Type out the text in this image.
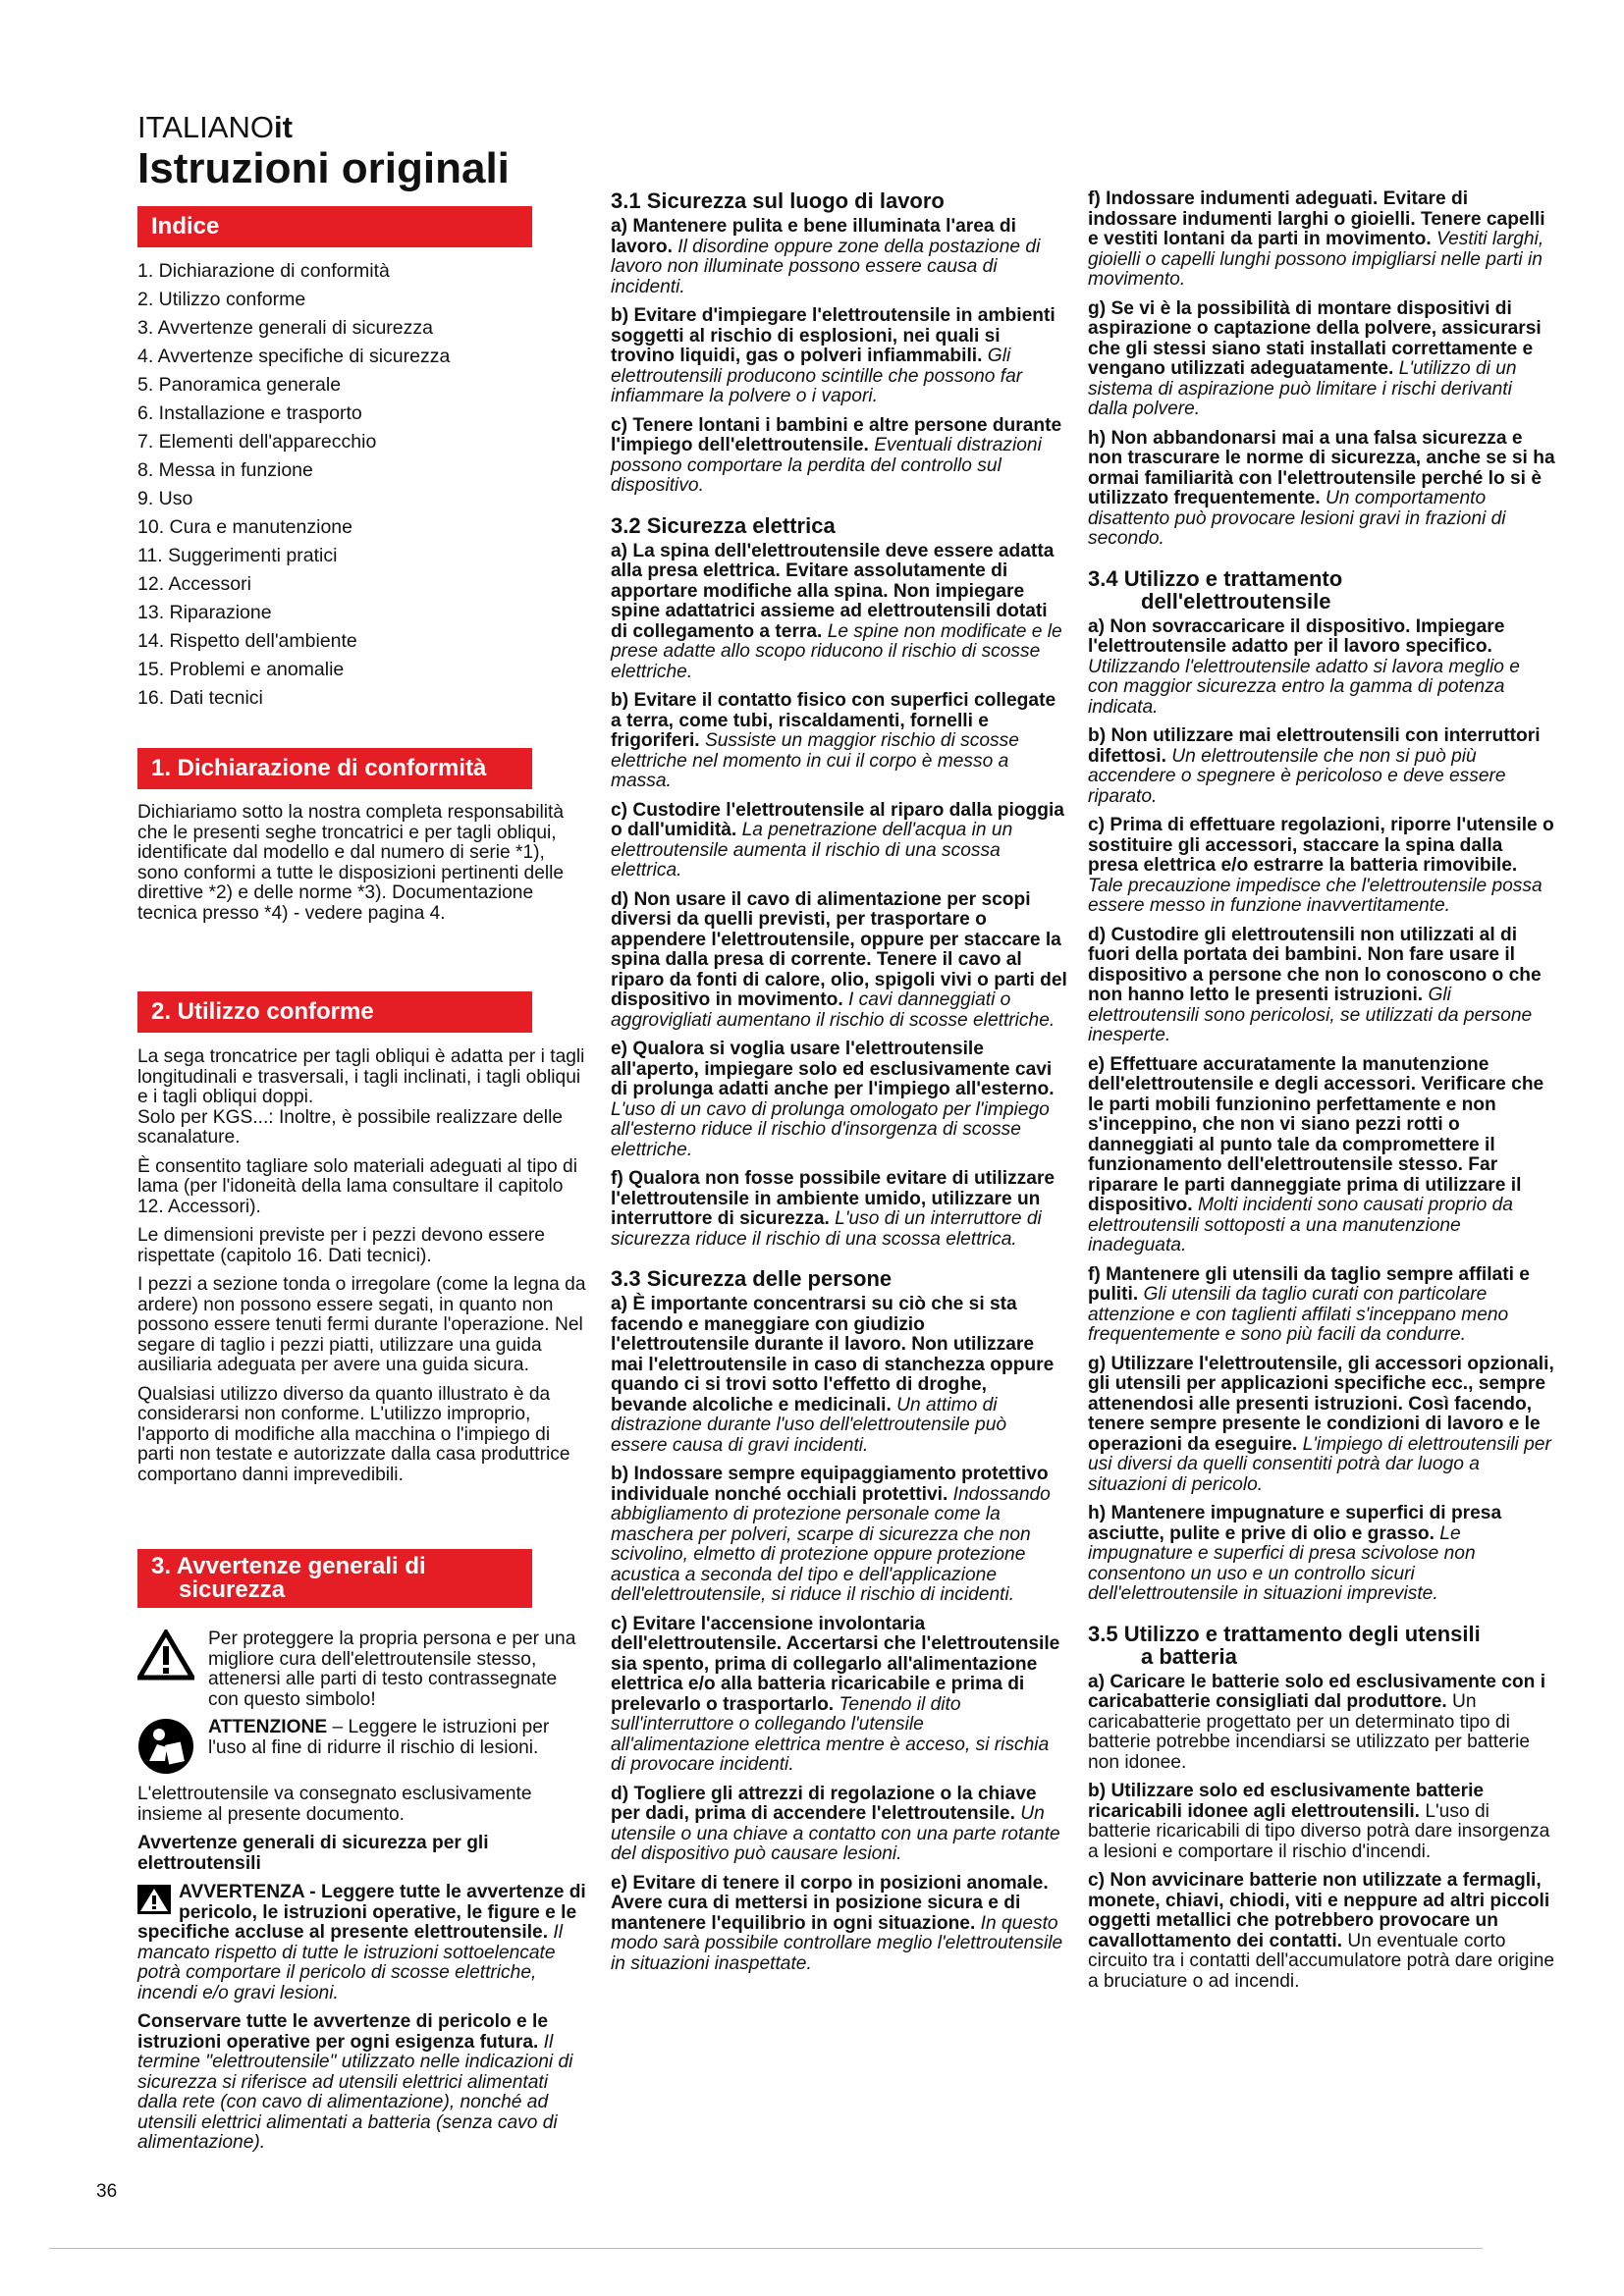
ITALIANOit
Istruzioni originali
Indice
1. Dichiarazione di conformità
2. Utilizzo conforme
3. Avvertenze generali di sicurezza
4. Avvertenze specifiche di sicurezza
5. Panoramica generale
6. Installazione e trasporto
7. Elementi dell'apparecchio
8. Messa in funzione
9. Uso
10. Cura e manutenzione
11. Suggerimenti pratici
12. Accessori
13. Riparazione
14. Rispetto dell'ambiente
15. Problemi e anomalie
16. Dati tecnici
1. Dichiarazione di conformità

Dichiariamo sotto la nostra completa responsabilità che le presenti seghe troncatrici e per tagli obliqui, identificate dal modello e dal numero di serie *1), sono conformi a tutte le disposizioni pertinenti delle direttive *2) e delle norme *3). Documentazione tecnica presso *4) - vedere pagina 4.

2. Utilizzo conforme

La sega troncatrice per tagli obliqui è adatta per i tagli longitudinali e trasversali, i tagli inclinati, i tagli obliqui e i tagli obliqui doppi.

Solo per KGS...: Inoltre, è possibile realizzare delle scanalature.

È consentito tagliare solo materiali adeguati al tipo di lama (per l'idoneità della lama consultare il capitolo 12. Accessori).

Le dimensioni previste per i pezzi devono essere rispettate (capitolo 16. Dati tecnici).

I pezzi a sezione tonda o irregolare (come la legna da ardere) non possono essere segati, in quanto non possono essere tenuti fermi durante l'operazione. Nel segare di taglio i pezzi piatti, utilizzare una guida ausiliaria adeguata per avere una guida sicura.

Qualsiasi utilizzo diverso da quanto illustrato è da considerarsi non conforme. L'utilizzo improprio, l'apporto di modifiche alla macchina o l'impiego di parti non testate e autorizzate dalla casa produttrice comportano danni imprevedibili.

3. Avvertenze generali di
sicurezza

Per proteggere la propria persona e per una migliore cura dell'elettroutensile stesso, attenersi alle parti di testo contrassegnate con questo simbolo!

ATTENZIONE – Leggere le istruzioni per l'uso al fine di ridurre il rischio di lesioni.

L'elettroutensile va consegnato esclusivamente insieme al presente documento.

Avvertenze generali di sicurezza per gli elettroutensili

AVVERTENZA - Leggere tutte le avvertenze di pericolo, le istruzioni operative, le figure e le specifiche accluse al presente elettroutensile. Il mancato rispetto di tutte le istruzioni sottoelencate potrà comportare il pericolo di scosse elettriche, incendi e/o gravi lesioni.

Conservare tutte le avvertenze di pericolo e le istruzioni operative per ogni esigenza futura. Il termine "elettroutensile" utilizzato nelle indicazioni di sicurezza si riferisce ad utensili elettrici alimentati dalla rete (con cavo di alimentazione), nonché ad utensili elettrici alimentati a batteria (senza cavo di alimentazione).

3.1 Sicurezza sul luogo di lavoro

a) Mantenere pulita e bene illuminata l'area di lavoro. Il disordine oppure zone della postazione di lavoro non illuminate possono essere causa di incidenti.

b) Evitare d'impiegare l'elettroutensile in ambienti soggetti al rischio di esplosioni, nei quali si trovino liquidi, gas o polveri infiammabili. Gli elettroutensili producono scintille che possono far infiammare la polvere o i vapori.

c) Tenere lontani i bambini e altre persone durante l'impiego dell'elettroutensile. Eventuali distrazioni possono comportare la perdita del controllo sul dispositivo.

3.2 Sicurezza elettrica

a) La spina dell'elettroutensile deve essere adatta alla presa elettrica. Evitare assolutamente di apportare modifiche alla spina. Non impiegare spine adattatrici assieme ad elettroutensili dotati di collegamento a terra. Le spine non modificate e le prese adatte allo scopo riducono il rischio di scosse elettriche.

b) Evitare il contatto fisico con superfici collegate a terra, come tubi, riscaldamenti, fornelli e frigoriferi. Sussiste un maggior rischio di scosse elettriche nel momento in cui il corpo è messo a massa.

c) Custodire l'elettroutensile al riparo dalla pioggia o dall'umidità. La penetrazione dell'acqua in un elettroutensile aumenta il rischio di una scossa elettrica.

d) Non usare il cavo di alimentazione per scopi diversi da quelli previsti, per trasportare o appendere l'elettroutensile, oppure per staccare la spina dalla presa di corrente. Tenere il cavo al riparo da fonti di calore, olio, spigoli vivi o parti del dispositivo in movimento. I cavi danneggiati o aggrovigliati aumentano il rischio di scosse elettriche.

e) Qualora si voglia usare l'elettroutensile all'aperto, impiegare solo ed esclusivamente cavi di prolunga adatti anche per l'impiego all'esterno. L'uso di un cavo di prolunga omologato per l'impiego all'esterno riduce il rischio d'insorgenza di scosse elettriche.

f) Qualora non fosse possibile evitare di utilizzare l'elettroutensile in ambiente umido, utilizzare un interruttore di sicurezza. L'uso di un interruttore di sicurezza riduce il rischio di una scossa elettrica.

3.3 Sicurezza delle persone

a) È importante concentrarsi su ciò che si sta facendo e maneggiare con giudizio l'elettroutensile durante il lavoro. Non utilizzare mai l'elettroutensile in caso di stanchezza oppure quando ci si trovi sotto l'effetto di droghe, bevande alcoliche e medicinali. Un attimo di distrazione durante l'uso dell'elettroutensile può essere causa di gravi incidenti.

b) Indossare sempre equipaggiamento protettivo individuale nonché occhiali protettivi. Indossando abbigliamento di protezione personale come la maschera per polveri, scarpe di sicurezza che non scivolino, elmetto di protezione oppure protezione acustica a seconda del tipo e dell'applicazione dell'elettroutensile, si riduce il rischio di incidenti.

c) Evitare l'accensione involontaria dell'elettroutensile. Accertarsi che l'elettroutensile sia spento, prima di collegarlo all'alimentazione elettrica e/o alla batteria ricaricabile e prima di prelevarlo o trasportarlo. Tenendo il dito sull'interruttore o collegando l'utensile all'alimentazione elettrica mentre è acceso, si rischia di provocare incidenti.

d) Togliere gli attrezzi di regolazione o la chiave per dadi, prima di accendere l'elettroutensile. Un utensile o una chiave a contatto con una parte rotante del dispositivo può causare lesioni.

e) Evitare di tenere il corpo in posizioni anomale. Avere cura di mettersi in posizione sicura e di mantenere l'equilibrio in ogni situazione. In questo modo sarà possibile controllare meglio l'elettroutensile in situazioni inaspettate.

f) Indossare indumenti adeguati. Evitare di indossare indumenti larghi o gioielli. Tenere capelli e vestiti lontani da parti in movimento. Vestiti larghi, gioielli o capelli lunghi possono impigliarsi nelle parti in movimento.

g) Se vi è la possibilità di montare dispositivi di aspirazione o captazione della polvere, assicurarsi che gli stessi siano stati installati correttamente e vengano utilizzati adeguatamente. L'utilizzo di un sistema di aspirazione può limitare i rischi derivanti dalla polvere.

h) Non abbandonarsi mai a una falsa sicurezza e non trascurare le norme di sicurezza, anche se si ha ormai familiarità con l'elettroutensile perché lo si è utilizzato frequentemente. Un comportamento disattento può provocare lesioni gravi in frazioni di secondo.

3.4 Utilizzo e trattamento
dell'elettroutensile

a) Non sovraccaricare il dispositivo. Impiegare l'elettroutensile adatto per il lavoro specifico. Utilizzando l'elettroutensile adatto si lavora meglio e con maggior sicurezza entro la gamma di potenza indicata.

b) Non utilizzare mai elettroutensili con interruttori difettosi. Un elettroutensile che non si può più accendere o spegnere è pericoloso e deve essere riparato.

c) Prima di effettuare regolazioni, riporre l'utensile o sostituire gli accessori, staccare la spina dalla presa elettrica e/o estrarre la batteria rimovibile. Tale precauzione impedisce che l'elettroutensile possa essere messo in funzione inavvertitamente.

d) Custodire gli elettroutensili non utilizzati al di fuori della portata dei bambini. Non fare usare il dispositivo a persone che non lo conoscono o che non hanno letto le presenti istruzioni. Gli elettroutensili sono pericolosi, se utilizzati da persone inesperte.

e) Effettuare accuratamente la manutenzione dell'elettroutensile e degli accessori. Verificare che le parti mobili funzionino perfettamente e non s'inceppino, che non vi siano pezzi rotti o danneggiati al punto tale da compromettere il funzionamento dell'elettroutensile stesso. Far riparare le parti danneggiate prima di utilizzare il dispositivo. Molti incidenti sono causati proprio da elettroutensili sottoposti a una manutenzione inadeguata.

f) Mantenere gli utensili da taglio sempre affilati e puliti. Gli utensili da taglio curati con particolare attenzione e con taglienti affilati s'inceppano meno frequentemente e sono più facili da condurre.

g) Utilizzare l'elettroutensile, gli accessori opzionali, gli utensili per applicazioni specifiche ecc., sempre attenendosi alle presenti istruzioni. Così facendo, tenere sempre presente le condizioni di lavoro e le operazioni da eseguire. L'impiego di elettroutensili per usi diversi da quelli consentiti potrà dar luogo a situazioni di pericolo.

h) Mantenere impugnature e superfici di presa asciutte, pulite e prive di olio e grasso. Le impugnature e superfici di presa scivolose non consentono un uso e un controllo sicuri dell'elettroutensile in situazioni impreviste.

3.5 Utilizzo e trattamento degli utensili
a batteria

a) Caricare le batterie solo ed esclusivamente con i caricabatterie consigliati dal produttore. Un caricabatterie progettato per un determinato tipo di batterie potrebbe incendiarsi se utilizzato per batterie non idonee.

b) Utilizzare solo ed esclusivamente batterie ricaricabili idonee agli elettroutensili. L'uso di batterie ricaricabili di tipo diverso potrà dare insorgenza a lesioni e comportare il rischio d'incendi.

c) Non avvicinare batterie non utilizzate a fermagli, monete, chiavi, chiodi, viti e neppure ad altri piccoli oggetti metallici che potrebbero provocare un cavallottamento dei contatti. Un eventuale corto circuito tra i contatti dell'accumulatore potrà dare origine a bruciature o ad incendi.

36
